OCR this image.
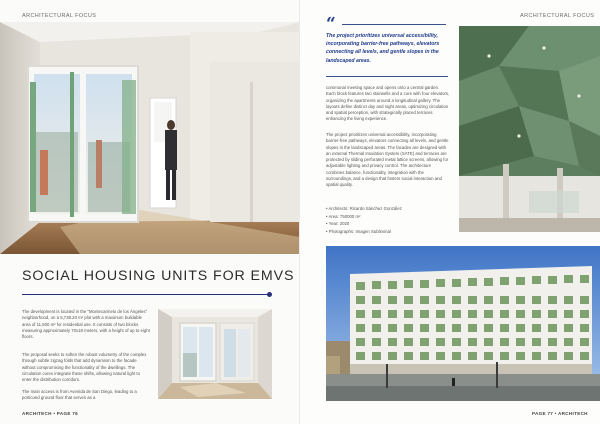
ARCHITECTURAL FOCUS
SOCIAL HOUSING UNITS FOR EMVS

The development is located in the "Montecarmelo de los Ángeles" neighborhood, on a 5,738.20 m² plot with a maximum buildable area of 11,500 m² for residential use. It consists of two blocks measuring approximately 70x18 meters, with a height of up to eight floors.

The proposal seeks to soften the robust volumetry of the complex through subtle zigzag folds that add dynamism to the facade without compromising the functionality of the dwellings. The circulation cores integrate these shifts, allowing natural light to enter the distribution corridors.

The main access is from Avenida de San Diego, leading to a porticoed ground floor that serves as a

ARCHITECH • PAGE 76
ARCHITECTURAL FOCUS
“

The project prioritizes universal accessibility, incorporating barrier-free pathways, elevators connecting all levels, and gentle slopes in the landscaped areas.

communal meeting space and opens onto a central garden. Each block features two stairwells and a core with four elevators, organizing the apartments around a longitudinal gallery. The layouts define distinct day and night areas, optimizing circulation and spatial perception, with strategically placed terraces enhancing the living experience.

The project prioritizes universal accessibility, incorporating barrier-free pathways, elevators connecting all levels, and gentle slopes in the landscaped areas. The facades are designed with an external Thermal Insulation System (SATE) and terraces are protected by sliding perforated metal lattice screens, allowing for adjustable lighting and privacy control. The architecture combines balance, functionality, integration with the surroundings, and a design that fosters social interaction and spatial quality.

• Architects: Ricardo Sánchez González
• Area: 750000 m²
• Year: 2020
• Photographs: Imagen Subliminal
PAGE 77 • ARCHITECH
